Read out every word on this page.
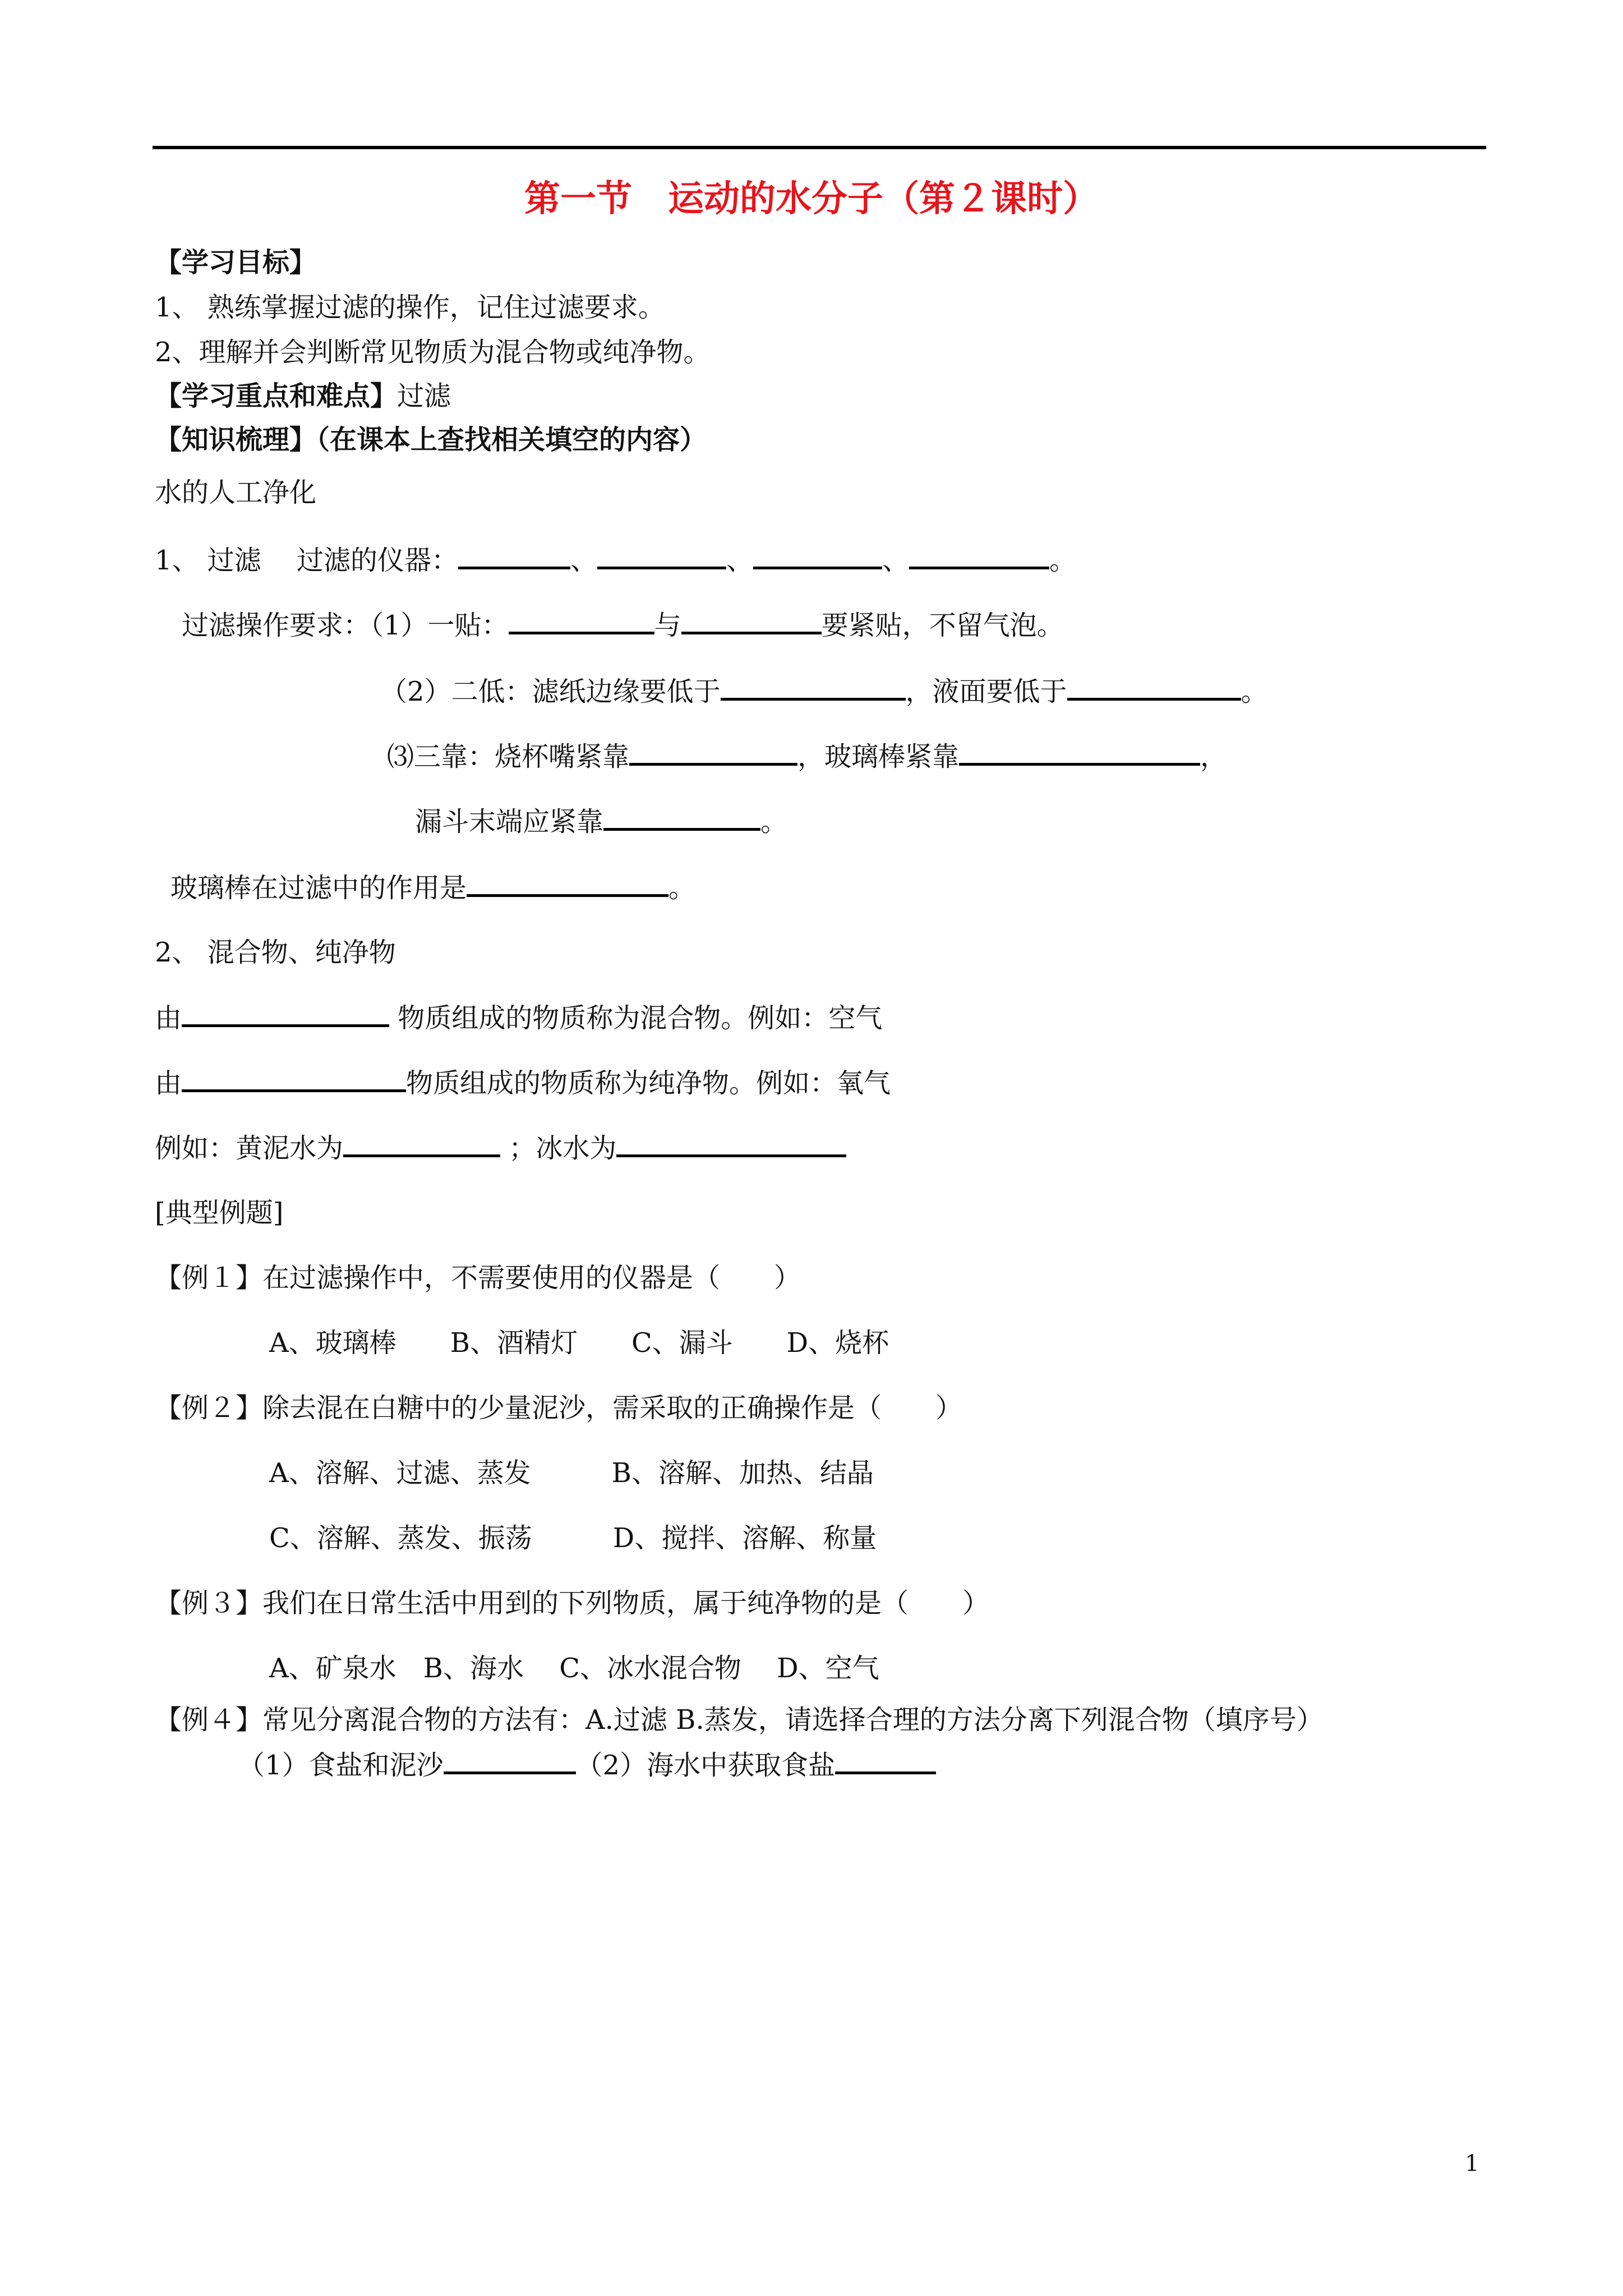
第一节　运动的水分子（第２课时）
【学习目标】
1、 熟练掌握过滤的操作，记住过滤要求。
2、理解并会判断常见物质为混合物或纯净物。
【学习重点和难点】过滤
【知识梳理】（在课本上查找相关填空的内容）
水的人工净化
1、 过滤　 过滤的仪器：	、	、	、	。
过滤操作要求：（1）一贴：	与	要紧贴，不留气泡。
（2）二低：滤纸边缘要低于	，液面要低于	。
⑶三靠：烧杯嘴紧靠	，玻璃棒紧靠	，
漏斗末端应紧靠	。
玻璃棒在过滤中的作用是	。
2、 混合物、纯净物
由	物质组成的物质称为混合物。例如：空气
由	物质组成的物质称为纯净物。例如：氧气
例如：黄泥水为	；冰水为
[典型例题]
【例１】在过滤操作中，不需要使用的仪器是（　　）
A、玻璃棒　　B、酒精灯　　C、漏斗　　D、烧杯
【例２】除去混在白糖中的少量泥沙，需采取的正确操作是（　　）
A、溶解、过滤、蒸发　　　B、溶解、加热、结晶
C、溶解、蒸发、振荡　　　D、搅拌、溶解、称量
【例３】我们在日常生活中用到的下列物质，属于纯净物的是（　　）
A、矿泉水　B、海水　 C、冰水混合物　 D、空气
【例４】常见分离混合物的方法有：A.过滤 B.蒸发，请选择合理的方法分离下列混合物（填序号）
（1）食盐和泥沙	（2）海水中获取食盐
1
